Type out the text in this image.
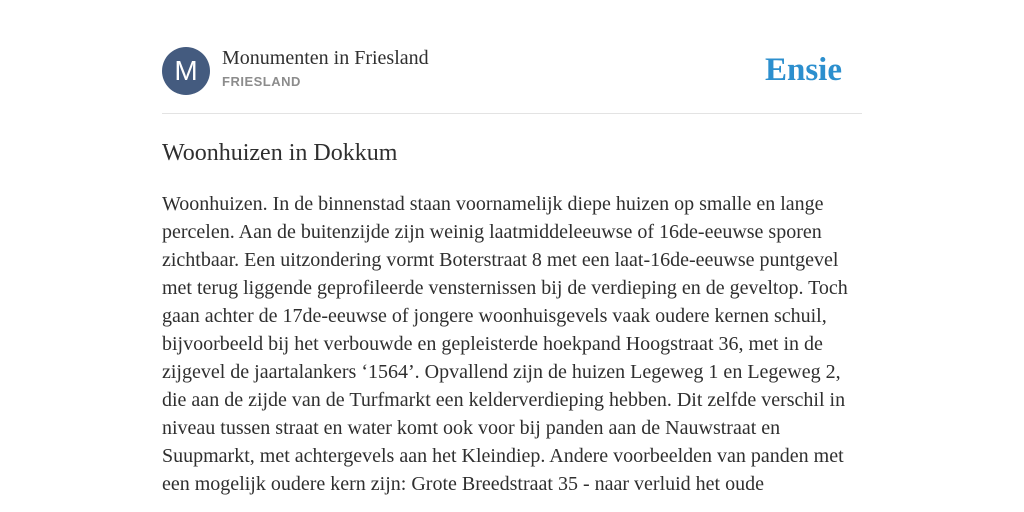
M	Monumenten in Friesland
FRIESLAND	Ensie
Woonhuizen in Dokkum

Woonhuizen. In de binnenstad staan voornamelijk diepe huizen op smalle en lange percelen. Aan de buitenzijde zijn weinig laatmiddeleeuwse of 16de-eeuwse sporen zichtbaar. Een uitzondering vormt Boterstraat 8 met een laat-16de-eeuwse puntgevel met terug liggende geprofileerde vensternissen bij de verdieping en de geveltop. Toch gaan achter de 17de-eeuwse of jongere woonhuisgevels vaak oudere kernen schuil, bijvoorbeeld bij het verbouwde en gepleisterde hoekpand Hoogstraat 36, met in de zijgevel de jaartalankers ‘1564’. Opvallend zijn de huizen Legeweg 1 en Legeweg 2, die aan de zijde van de Turfmarkt een kelderverdieping hebben. Dit zelfde verschil in niveau tussen straat en water komt ook voor bij panden aan de Nauwstraat en Suupmarkt, met achtergevels aan het Kleindiep. Andere voorbeelden van panden met een mogelijk oudere kern zijn: Grote Breedstraat 35 - naar verluid het oude
